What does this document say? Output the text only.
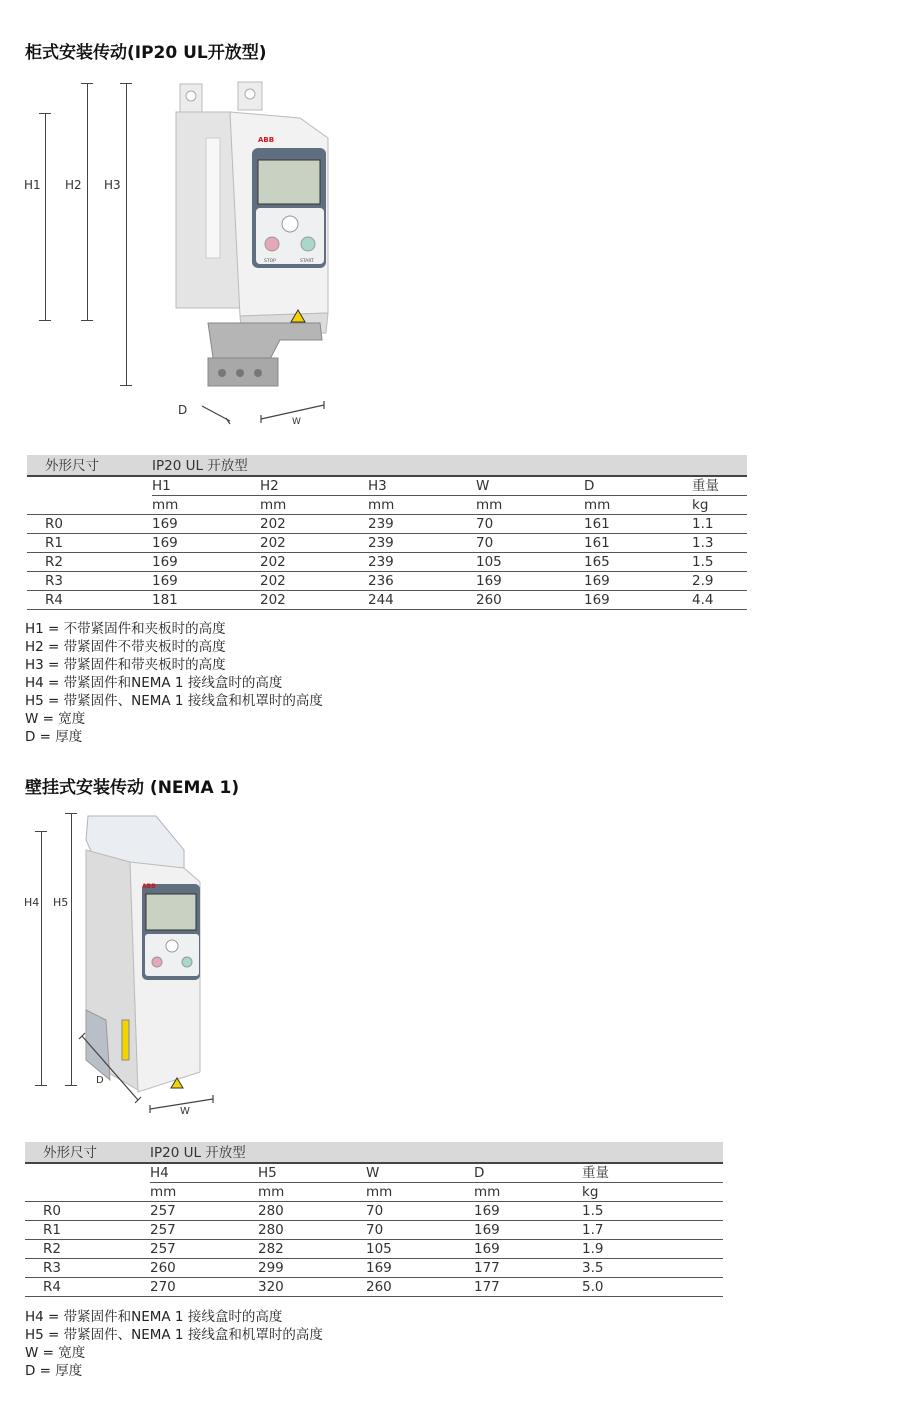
柜式安装传动(IP20 UL开放型)
H1 H2 H3
ABB
STOP	START
D
W
外形尺寸	IP20 UL 开放型					
	H1	H2	H3	W	D	重量
	mm	mm	mm	mm	mm	kg
R0	169	202	239	70	161	1.1
R1	169	202	239	70	161	1.3
R2	169	202	239	105	165	1.5
R3	169	202	236	169	169	2.9
R4	181	202	244	260	169	4.4
H1 = 不带紧固件和夹板时的高度
H2 = 带紧固件不带夹板时的高度
H3 = 带紧固件和带夹板时的高度
H4 = 带紧固件和NEMA 1 接线盒时的高度
H5 = 带紧固件、NEMA 1 接线盒和机罩时的高度
W = 宽度
D = 厚度
壁挂式安装传动 (NEMA 1)
H4 H5
ABB
D
W
外形尺寸	IP20 UL 开放型				
	H4	H5	W	D	重量
	mm	mm	mm	mm	kg
R0	257	280	70	169	1.5
R1	257	280	70	169	1.7
R2	257	282	105	169	1.9
R3	260	299	169	177	3.5
R4	270	320	260	177	5.0
H4 = 带紧固件和NEMA 1 接线盒时的高度
H5 = 带紧固件、NEMA 1 接线盒和机罩时的高度
W = 宽度
D = 厚度
